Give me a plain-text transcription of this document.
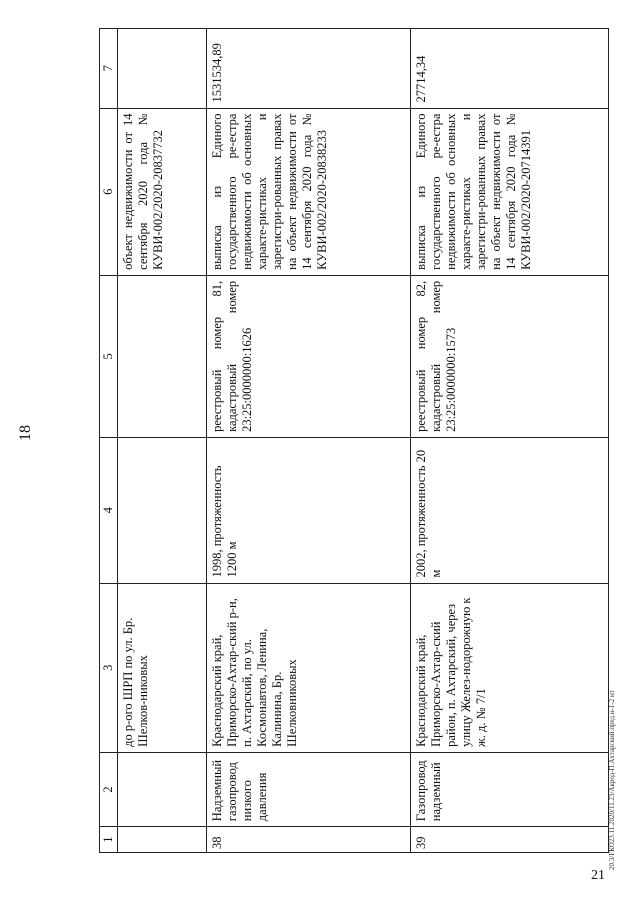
18
21
20.3/ГКО23.11.2020/11.23/Акрод-П.Ахтарский.пред.н-1-2 нт
1	2	3	4	5	6	7
		до р-ого ШРП по ул. Бр. Шелков-никовых			объект недвижимости от 14 сентября 2020 года № КУВИ-002/2020-20837732	
38	Надземный газопровод низкого давления	Краснодарский край, Приморско-Ахтар-ский р-н, п. Ахтарский, по ул. Космонавтов, Ленина, Калинина, Бр. Шелковниковых	1998, протяженность 1200 м	реестровый номер 81, кадастровый номер 23:25:0000000:1626	выписка из Единого государственного ре-естра недвижимости об основных характе-ристиках и зарегистри-рованных правах на объект недвижимости от 14 сентября 2020 года № КУВИ-002/2020-20838233	1531534,89
39	Газопровод надземный	Краснодарский край, Приморско-Ахтар-ский район, п. Ахтарский, через улицу Желез-нодорожную к ж. д. № 7/1	2002, протяженность 20 м	реестровый номер 82, кадастровый номер 23:25:0000000:1573	выписка из Единого государственного ре-естра недвижимости об основных характе-ристиках и зарегистри-рованных правах на объект недвижимости от 14 сентября 2020 года № КУВИ-002/2020-20714391	27714,34
